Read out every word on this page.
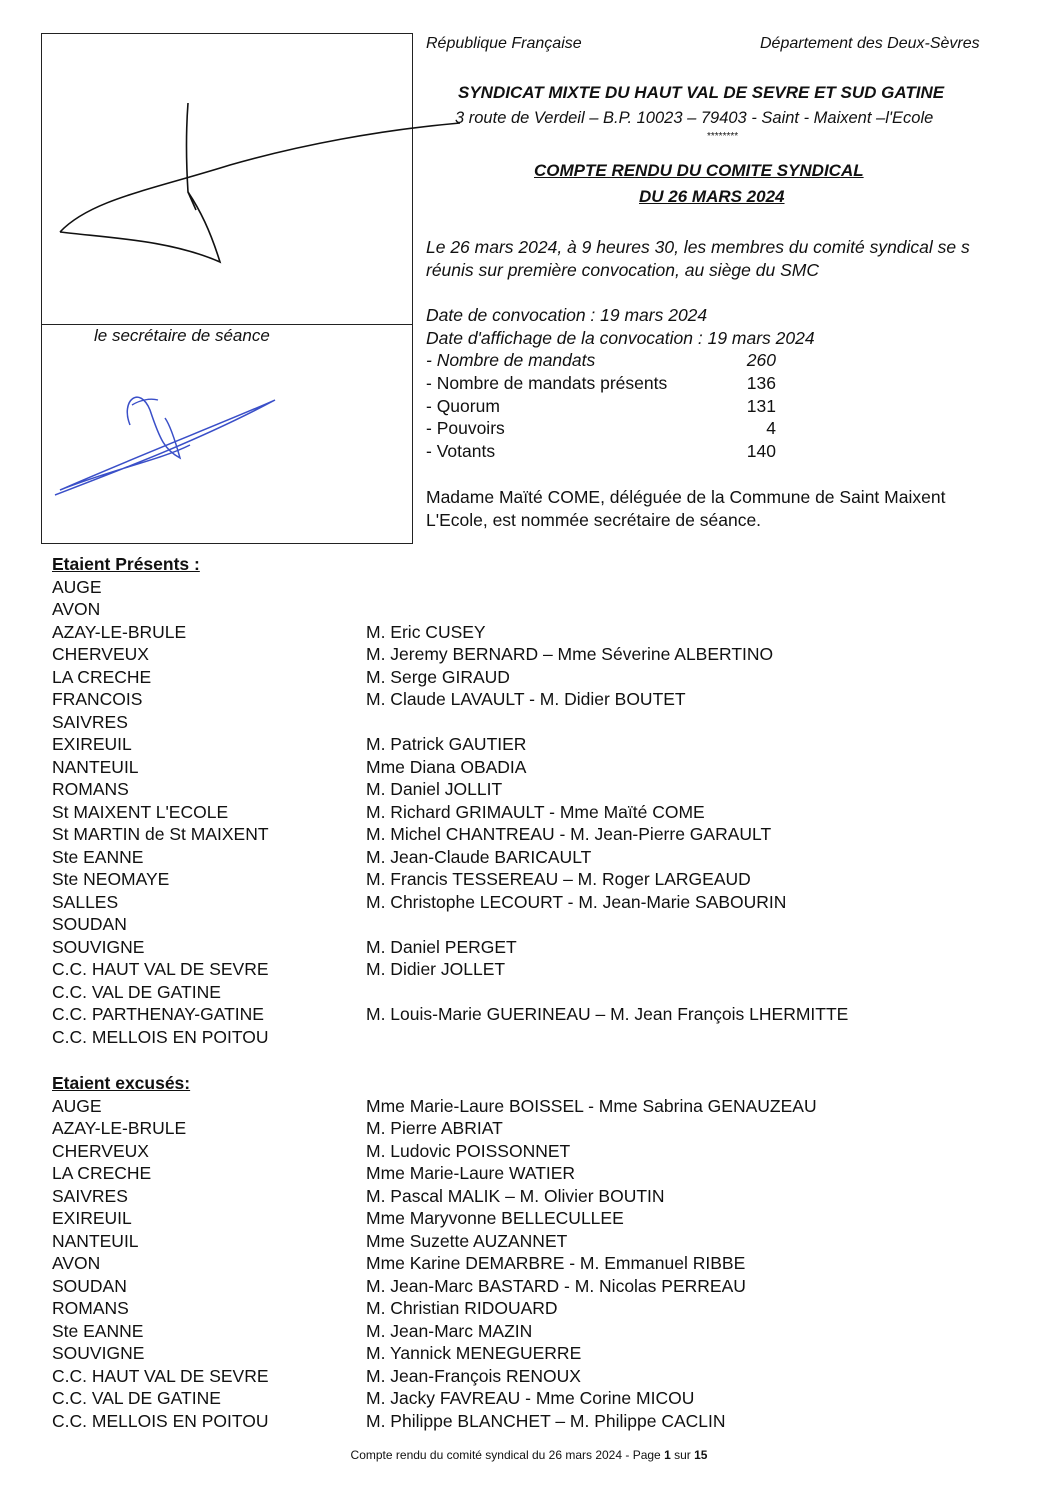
le secrétaire de séance
République Française	Département des Deux-Sèvres
SYNDICAT MIXTE DU HAUT VAL DE SEVRE ET SUD GATINE
3 route de Verdeil – B.P. 10023 – 79403 - Saint - Maixent –l'Ecole
********
COMPTE RENDU DU COMITE SYNDICAL
DU 26 MARS 2024
Le 26 mars 2024, à 9 heures 30, les membres du comité syndical se s
réunis sur première convocation, au siège du SMC
Date de convocation : 19 mars 2024
Date d'affichage de la convocation : 19 mars 2024
- Nombre de mandats	260
- Nombre de mandats présents	136
- Quorum	131
- Pouvoirs	4
- Votants	140
Madame Maïté COME, déléguée de la Commune de Saint Maixent
L'Ecole, est nommée secrétaire de séance.
Etaient Présents :
AUGE
AVON
AZAY-LE-BRULE	M. Eric CUSEY
CHERVEUX	M. Jeremy BERNARD – Mme Séverine ALBERTINO
LA CRECHE	M. Serge GIRAUD
FRANCOIS	M. Claude LAVAULT - M. Didier BOUTET
SAIVRES
EXIREUIL	M. Patrick GAUTIER
NANTEUIL	Mme Diana OBADIA
ROMANS	M. Daniel JOLLIT
St MAIXENT L'ECOLE	M. Richard GRIMAULT - Mme Maïté COME
St MARTIN de St MAIXENT	M. Michel CHANTREAU - M. Jean-Pierre GARAULT
Ste EANNE	M. Jean-Claude BARICAULT
Ste NEOMAYE	M. Francis TESSEREAU – M. Roger LARGEAUD
SALLES	M. Christophe LECOURT - M. Jean-Marie SABOURIN
SOUDAN
SOUVIGNE	M. Daniel PERGET
C.C. HAUT VAL DE SEVRE	M. Didier JOLLET
C.C. VAL DE GATINE
C.C. PARTHENAY-GATINE	M. Louis-Marie GUERINEAU – M. Jean François LHERMITTE
C.C. MELLOIS EN POITOU
Etaient excusés:
AUGE	Mme Marie-Laure BOISSEL - Mme Sabrina GENAUZEAU
AZAY-LE-BRULE	M. Pierre ABRIAT
CHERVEUX	M. Ludovic POISSONNET
LA CRECHE	Mme Marie-Laure WATIER
SAIVRES	M. Pascal MALIK – M. Olivier BOUTIN
EXIREUIL	Mme Maryvonne BELLECULLEE
NANTEUIL	Mme Suzette AUZANNET
AVON	Mme Karine DEMARBRE - M. Emmanuel RIBBE
SOUDAN	M. Jean-Marc BASTARD - M. Nicolas PERREAU
ROMANS	M. Christian RIDOUARD
Ste EANNE	M. Jean-Marc MAZIN
SOUVIGNE	M. Yannick MENEGUERRE
C.C. HAUT VAL DE SEVRE	M. Jean-François RENOUX
C.C. VAL DE GATINE	M. Jacky FAVREAU - Mme Corine MICOU
C.C. MELLOIS EN POITOU	M. Philippe BLANCHET – M. Philippe CACLIN
Compte rendu du comité syndical du 26 mars 2024 - Page 1 sur 15
